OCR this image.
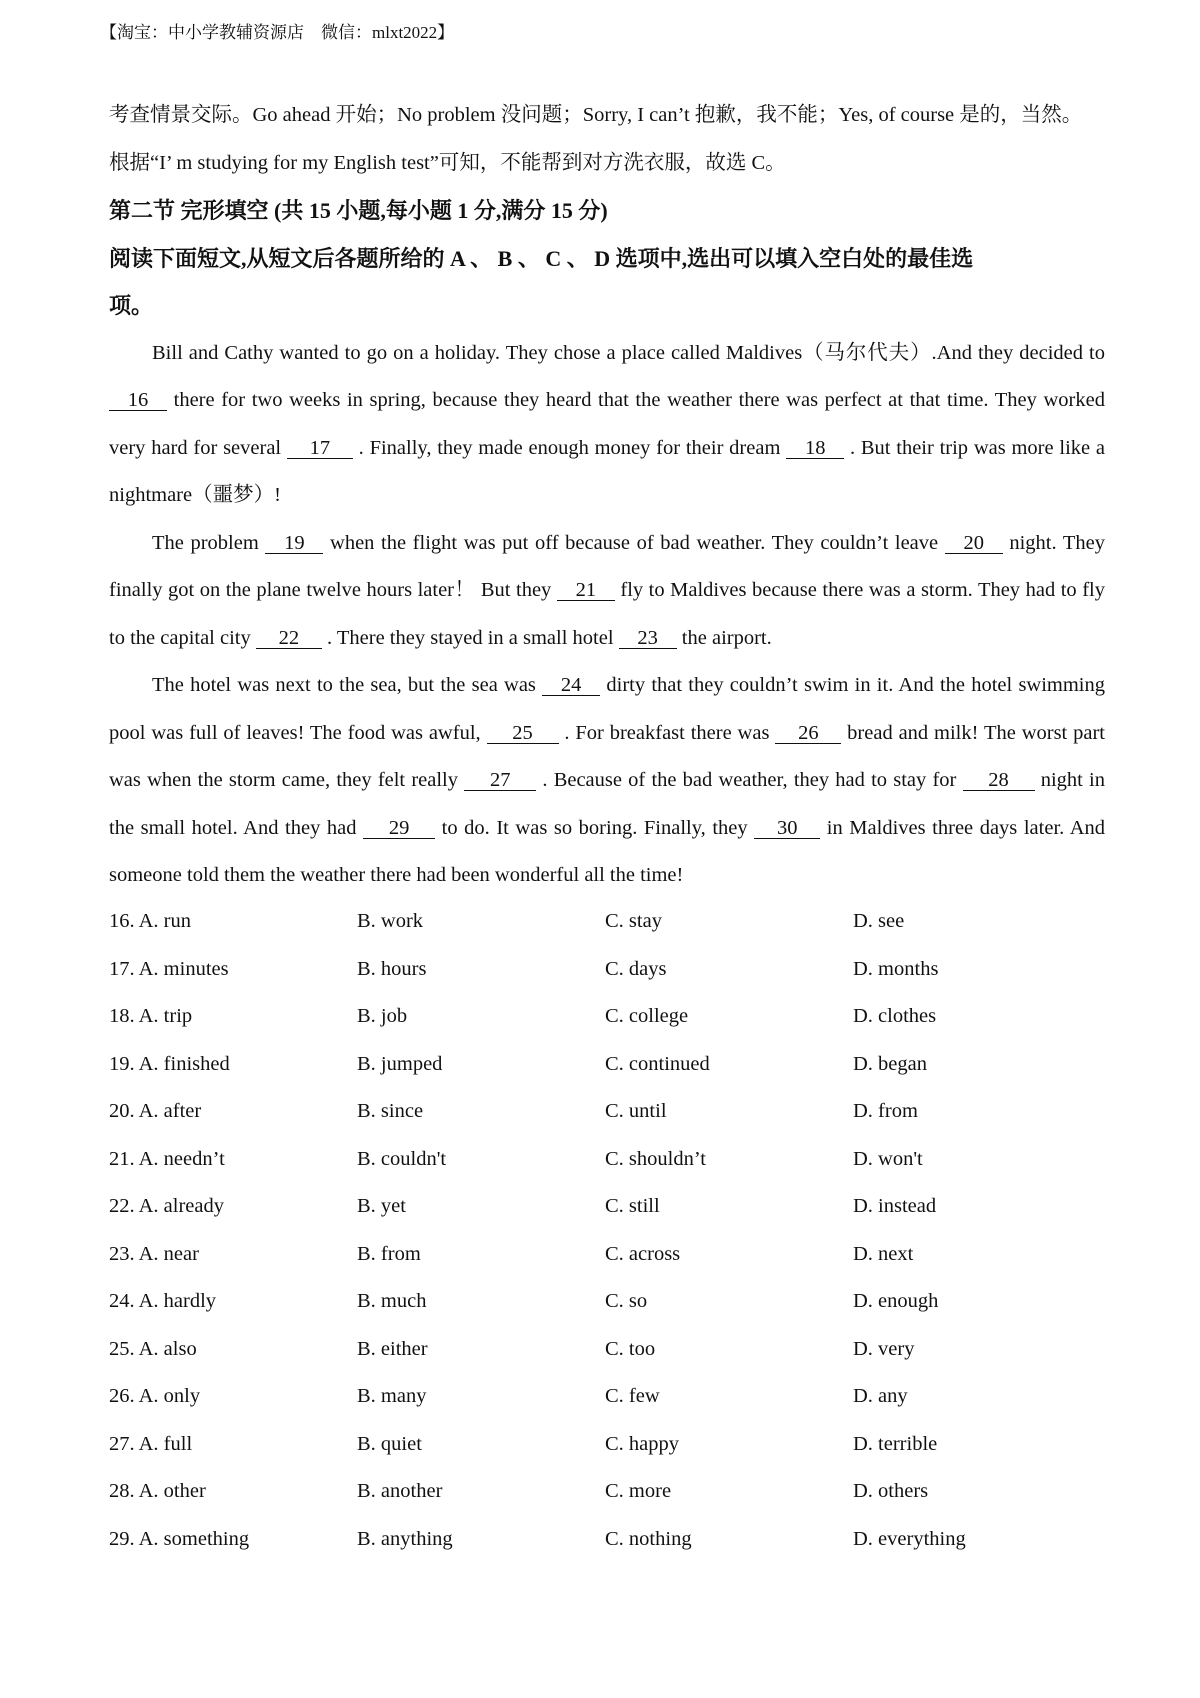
【淘宝：中小学教辅资源店　微信：mlxt2022】

考查情景交际。Go ahead 开始；No problem 没问题；Sorry, I can’t 抱歉，我不能；Yes, of course 是的，当然。

根据“I’ m studying for my English test”可知，不能帮到对方洗衣服，故选 C。

第二节 完形填空 (共 15 小题,每小题 1 分,满分 15 分)

阅读下面短文,从短文后各题所给的 A 、 B 、 C 、 D 选项中,选出可以填入空白处的最佳选

项。

Bill and Cathy wanted to go on a holiday. They chose a place called Maldives（马尔代夫）.And they decided to 16 there for two weeks in spring, because they heard that the weather there was perfect at that time. They worked very hard for several 17 . Finally, they made enough money for their dream 18 . But their trip was more like a nightmare（噩梦）!

The problem 19 when the flight was put off because of bad weather. They couldn’t leave 20 night. They finally got on the plane twelve hours later！ But they 21 fly to Maldives because there was a storm. They had to fly to the capital city 22 . There they stayed in a small hotel 23 the airport.

The hotel was next to the sea, but the sea was 24 dirty that they couldn’t swim in it. And the hotel swimming pool was full of leaves! The food was awful, 25 . For breakfast there was 26 bread and milk! The worst part was when the storm came, they felt really 27 . Because of the bad weather, they had to stay for 28 night in the small hotel. And they had 29 to do. It was so boring. Finally, they 30 in Maldives three days later. And someone told them the weather there had been wonderful all the time!

16. A. run	B. work	C. stay	D. see
17. A. minutes	B. hours	C. days	D. months
18. A. trip	B. job	C. college	D. clothes
19. A. finished	B. jumped	C. continued	D. began
20. A. after	B. since	C. until	D. from
21. A. needn’t	B. couldn't	C. shouldn’t	D. won't
22. A. already	B. yet	C. still	D. instead
23. A. near	B. from	C. across	D. next
24. A. hardly	B. much	C. so	D. enough
25. A. also	B. either	C. too	D. very
26. A. only	B. many	C. few	D. any
27. A. full	B. quiet	C. happy	D. terrible
28. A. other	B. another	C. more	D. others
29. A. something	B. anything	C. nothing	D. everything
